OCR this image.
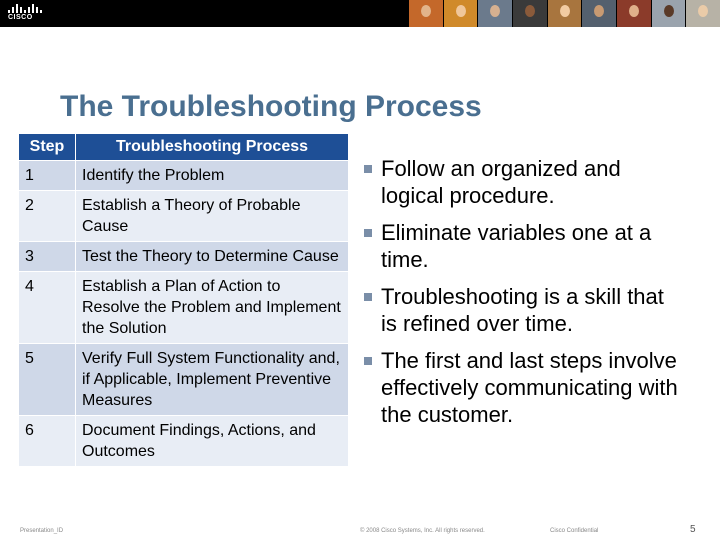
CISCO
The Troubleshooting Process
Step	Troubleshooting Process
1	Identify the Problem
2	Establish a Theory of Probable Cause
3	Test the Theory to Determine Cause
4	Establish a Plan of Action to Resolve the Problem and Implement the Solution
5	Verify Full System Functionality and, if Applicable, Implement Preventive Measures
6	Document Findings, Actions, and Outcomes
Follow an organized and logical procedure.
Eliminate variables one at a time.
Troubleshooting is a skill that is refined over time.
The first and last steps involve effectively communicating with the customer.
Presentation_ID	© 2008 Cisco Systems, Inc. All rights reserved.	Cisco Confidential	5
